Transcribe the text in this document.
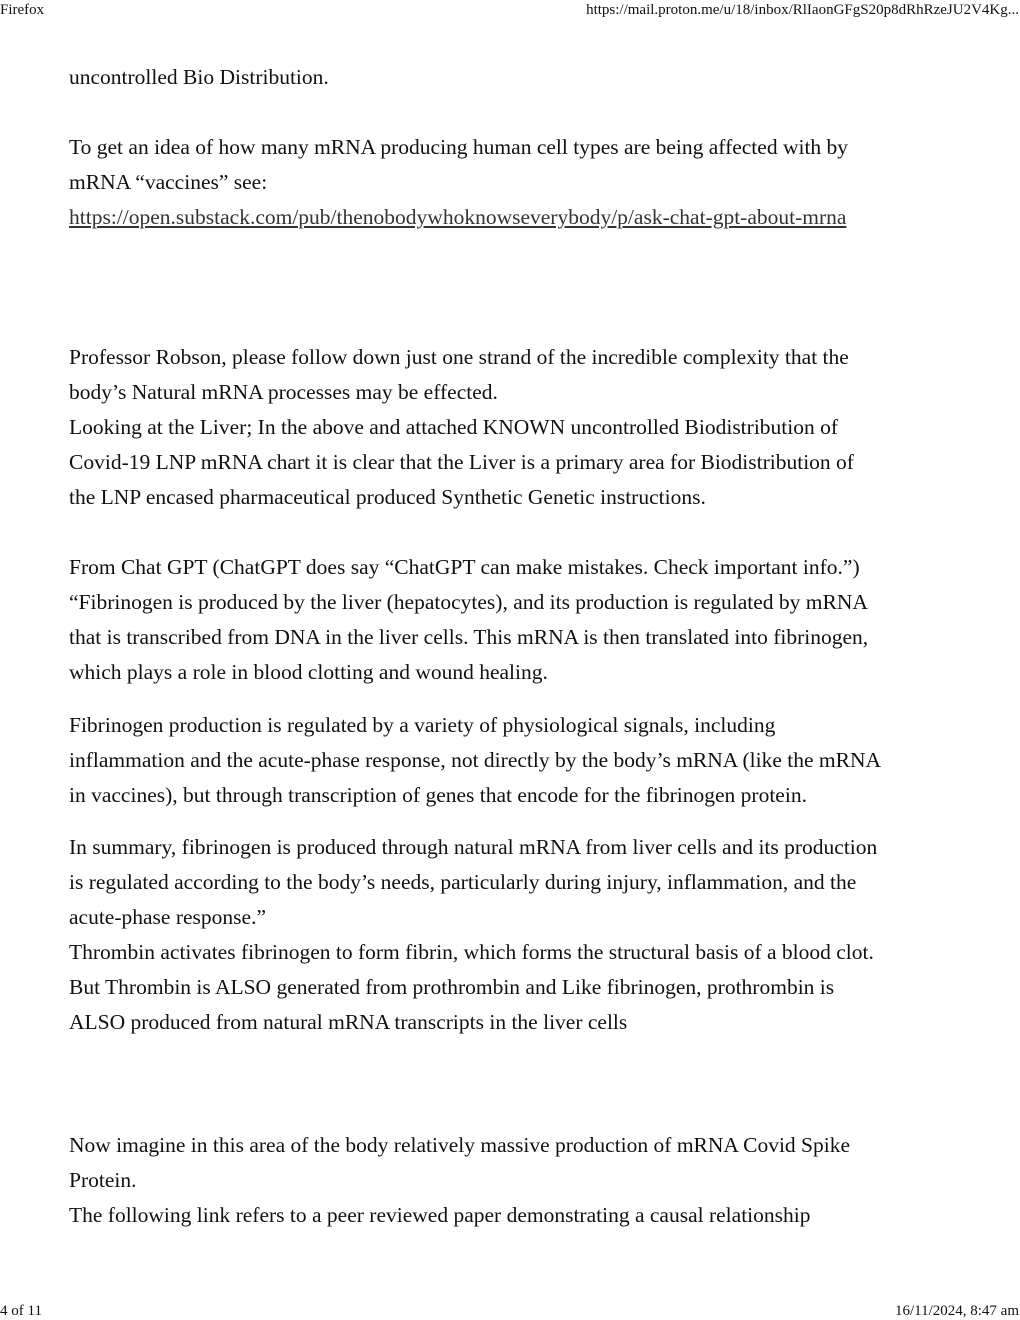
Firefox	https://mail.proton.me/u/18/inbox/RlIaonGFgS20p8dRhRzeJU2V4Kg...

uncontrolled Bio Distribution.

To get an idea of how many mRNA producing human cell types are being affected with by

mRNA “vaccines” see:

https://open.substack.com/pub/thenobodywhoknowseverybody/p/ask-chat-gpt-about-mrna

Professor Robson, please follow down just one strand of the incredible complexity that the

body’s Natural mRNA processes may be effected.

Looking at the Liver; In the above and attached KNOWN uncontrolled Biodistribution of

Covid-19 LNP mRNA chart it is clear that the Liver is a primary area for Biodistribution of

the LNP encased pharmaceutical produced Synthetic Genetic instructions.

From Chat GPT (ChatGPT does say “ChatGPT can make mistakes. Check important info.”)

“Fibrinogen is produced by the liver (hepatocytes), and its production is regulated by mRNA

that is transcribed from DNA in the liver cells. This mRNA is then translated into fibrinogen,

which plays a role in blood clotting and wound healing.

Fibrinogen production is regulated by a variety of physiological signals, including

inflammation and the acute-phase response, not directly by the body’s mRNA (like the mRNA

in vaccines), but through transcription of genes that encode for the fibrinogen protein.

In summary, fibrinogen is produced through natural mRNA from liver cells and its production

is regulated according to the body’s needs, particularly during injury, inflammation, and the

acute-phase response.”

Thrombin activates fibrinogen to form fibrin, which forms the structural basis of a blood clot.

But Thrombin is ALSO generated from prothrombin and Like fibrinogen, prothrombin is

ALSO produced from natural mRNA transcripts in the liver cells

Now imagine in this area of the body relatively massive production of mRNA Covid Spike

Protein.

The following link refers to a peer reviewed paper demonstrating a causal relationship

4 of 11	16/11/2024, 8:47 am
